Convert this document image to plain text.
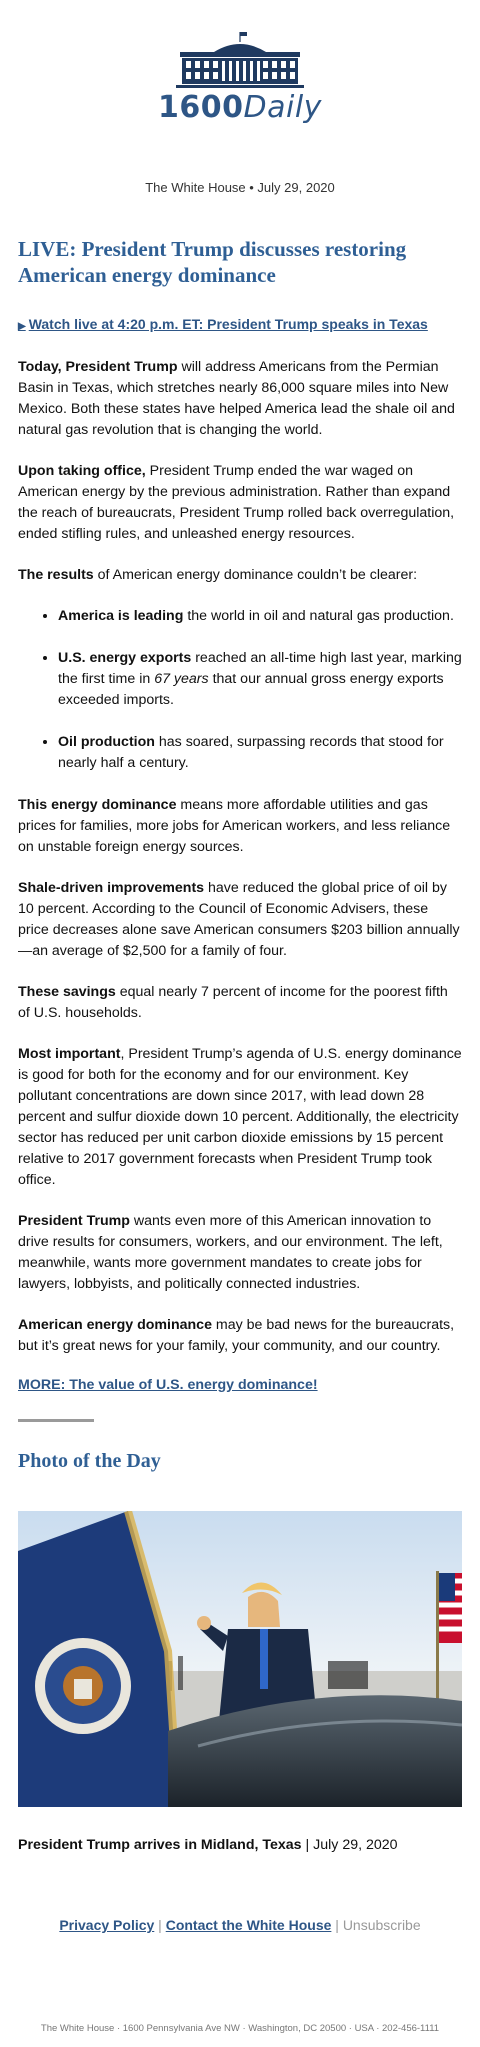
1600Daily
The White House • July 29, 2020
LIVE: President Trump discusses restoring American energy dominance
▶ Watch live at 4:20 p.m. ET: President Trump speaks in Texas

Today, President Trump will address Americans from the Permian Basin in Texas, which stretches nearly 86,000 square miles into New Mexico. Both these states have helped America lead the shale oil and natural gas revolution that is changing the world.

Upon taking office, President Trump ended the war waged on American energy by the previous administration. Rather than expand the reach of bureaucrats, President Trump rolled back overregulation, ended stifling rules, and unleashed energy resources.

The results of American energy dominance couldn’t be clearer:

• America is leading the world in oil and natural gas production.
• U.S. energy exports reached an all-time high last year, marking the first time in 67 years that our annual gross energy exports exceeded imports.
• Oil production has soared, surpassing records that stood for nearly half a century.

This energy dominance means more affordable utilities and gas prices for families, more jobs for American workers, and less reliance on unstable foreign energy sources.

Shale-driven improvements have reduced the global price of oil by 10 percent. According to the Council of Economic Advisers, these price decreases alone save American consumers $203 billion annually—an average of $2,500 for a family of four.

These savings equal nearly 7 percent of income for the poorest fifth of U.S. households.

Most important, President Trump’s agenda of U.S. energy dominance is good for both for the economy and for our environment. Key pollutant concentrations are down since 2017, with lead down 28 percent and sulfur dioxide down 10 percent. Additionally, the electricity sector has reduced per unit carbon dioxide emissions by 15 percent relative to 2017 government forecasts when President Trump took office.

President Trump wants even more of this American innovation to drive results for consumers, workers, and our environment. The left, meanwhile, wants more government mandates to create jobs for lawyers, lobbyists, and politically connected industries.

American energy dominance may be bad news for the bureaucrats, but it’s great news for your family, your community, and our country.

MORE: The value of U.S. energy dominance!
Photo of the Day

President Trump arrives in Midland, Texas | July 29, 2020

Privacy Policy | Contact the White House | Unsubscribe
The White House · 1600 Pennsylvania Ave NW · Washington, DC 20500 · USA · 202-456-1111
